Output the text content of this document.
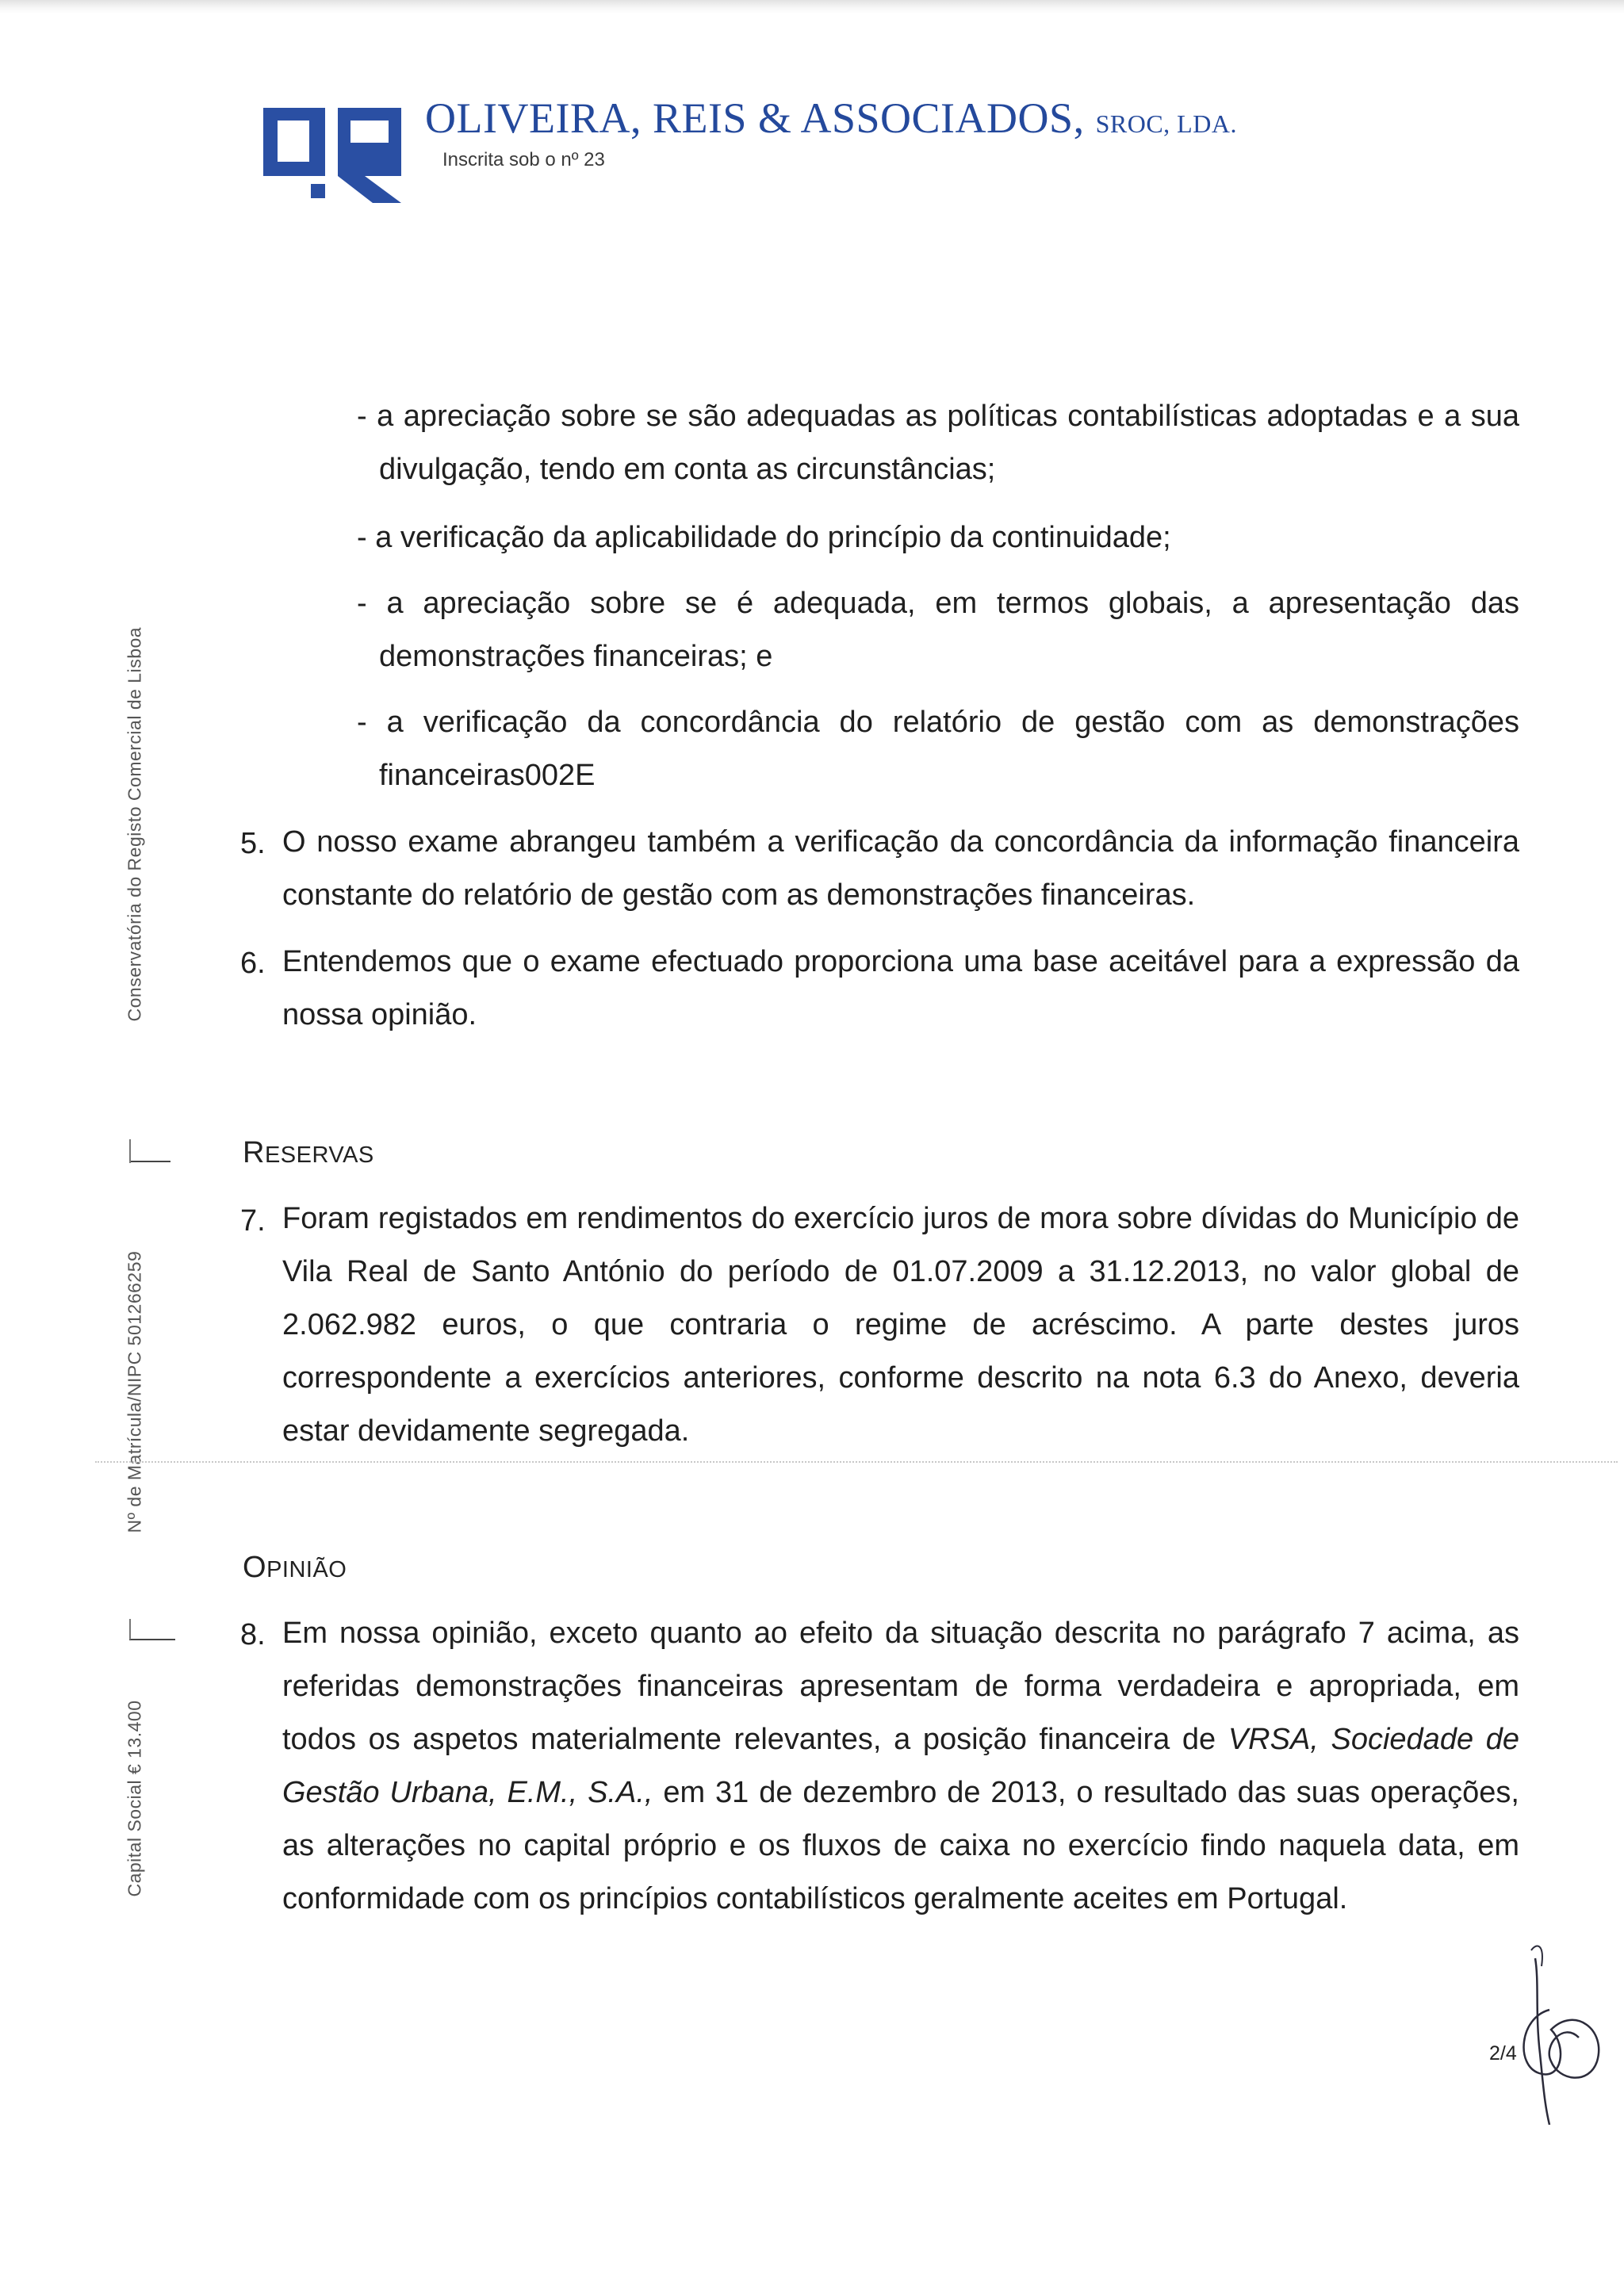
OLIVEIRA, REIS & ASSOCIADOS, SROC, LDA.
Inscrita sob o nº 23
Conservatória do Registo Comercial de Lisboa
Nº de Matrícula/NIPC 501266259
Capital Social € 13.400
- a apreciação sobre se são adequadas as políticas contabilísticas adoptadas e a sua
divulgação, tendo em conta as circunstâncias;
- a verificação da aplicabilidade do princípio da continuidade;
- a apreciação sobre se é adequada, em termos globais, a apresentação das
demonstrações financeiras; e
- a verificação da concordância do relatório de gestão com as demonstrações
financeiras002E
5. O nosso exame abrangeu também a verificação da concordância da informação financeira
constante do relatório de gestão com as demonstrações financeiras.
6. Entendemos que o exame efectuado proporciona uma base aceitável para a expressão da
nossa opinião.
RESERVAS
7. Foram registados em rendimentos do exercício juros de mora sobre dívidas do Município de
Vila Real de Santo António do período de 01.07.2009 a 31.12.2013, no valor global de
2.062.982 euros, o que contraria o regime de acréscimo. A parte destes juros
correspondente a exercícios anteriores, conforme descrito na nota 6.3 do Anexo, deveria
estar devidamente segregada.
OPINIÃO
8. Em nossa opinião, exceto quanto ao efeito da situação descrita no parágrafo 7 acima, as
referidas demonstrações financeiras apresentam de forma verdadeira e apropriada, em
todos os aspetos materialmente relevantes, a posição financeira de VRSA, Sociedade de
Gestão Urbana, E.M., S.A., em 31 de dezembro de 2013, o resultado das suas operações,
as alterações no capital próprio e os fluxos de caixa no exercício findo naquela data, em
conformidade com os princípios contabilísticos geralmente aceites em Portugal.
2/4
